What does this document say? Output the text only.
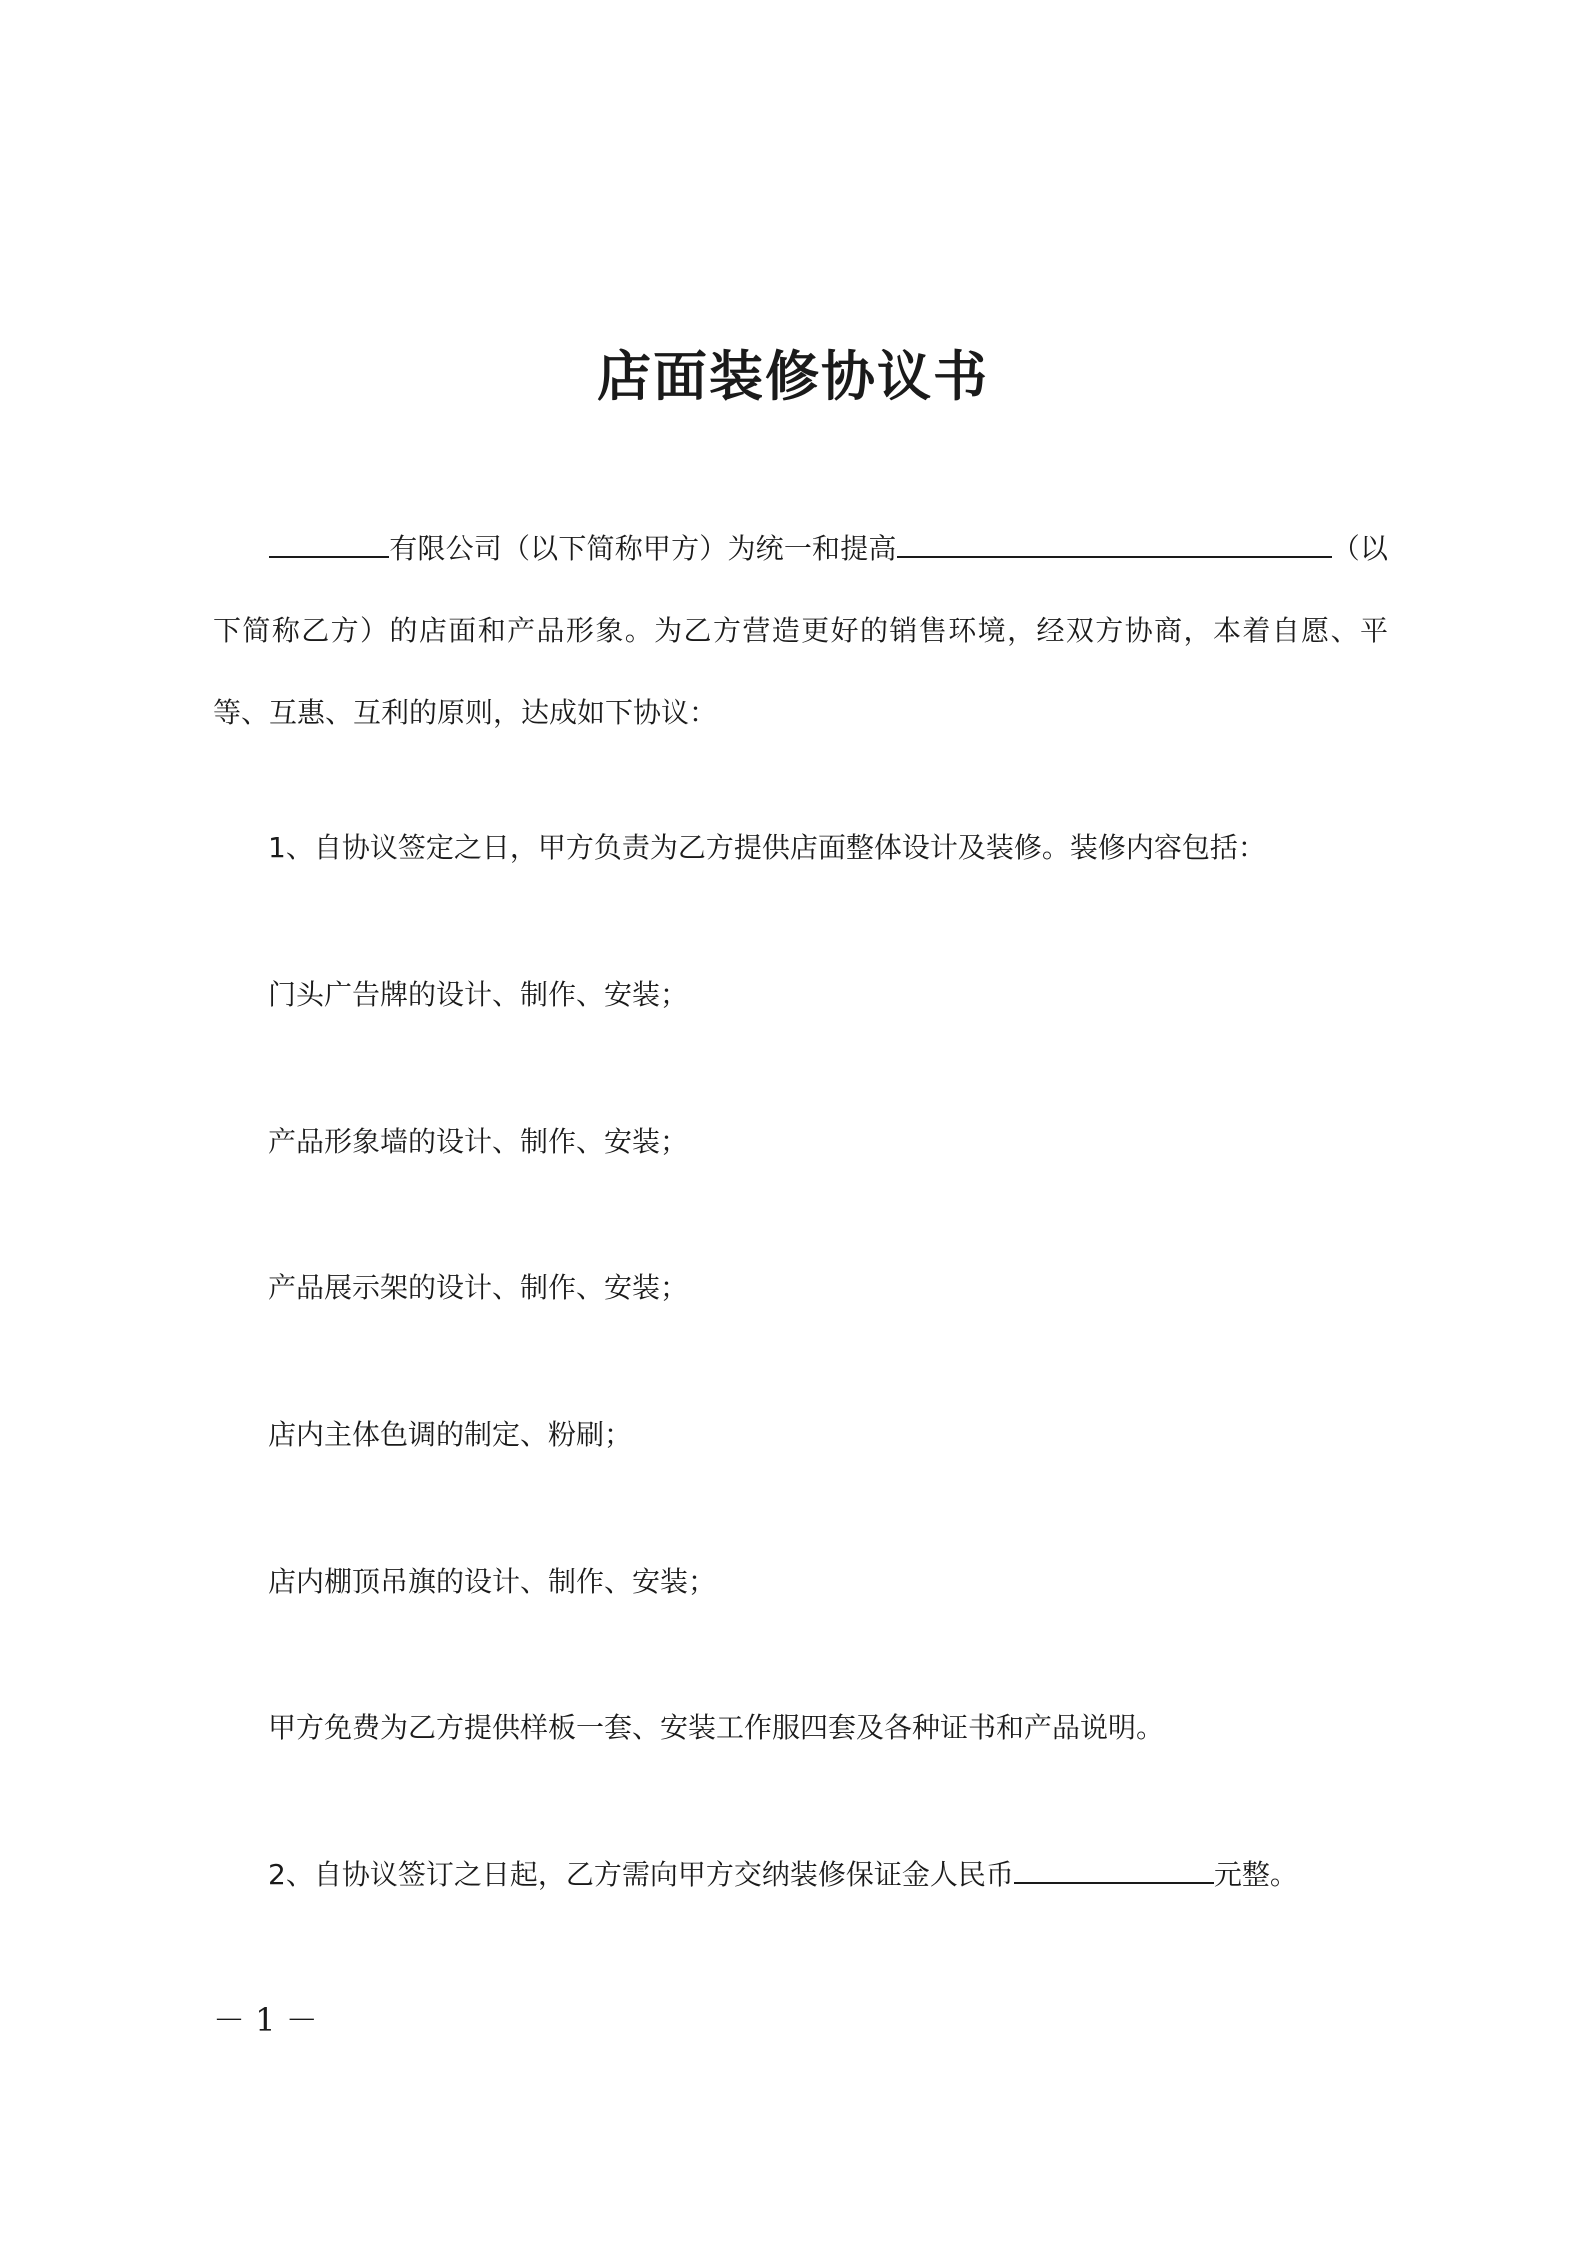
店面装修协议书

有限公司（以下简称甲方）为统一和提高	（以下简称乙方）的店面和产品形象。为乙方营造更好的销售环境，经双方协商，本着自愿、平等、互惠、互利的原则，达成如下协议：

1、自协议签定之日，甲方负责为乙方提供店面整体设计及装修。装修内容包括：

门头广告牌的设计、制作、安装；

产品形象墙的设计、制作、安装；

产品展示架的设计、制作、安装；

店内主体色调的制定、粉刷；

店内棚顶吊旗的设计、制作、安装；

甲方免费为乙方提供样板一套、安装工作服四套及各种证书和产品说明。

2、自协议签订之日起，乙方需向甲方交纳装修保证金人民币	元整。

－ 1 －
